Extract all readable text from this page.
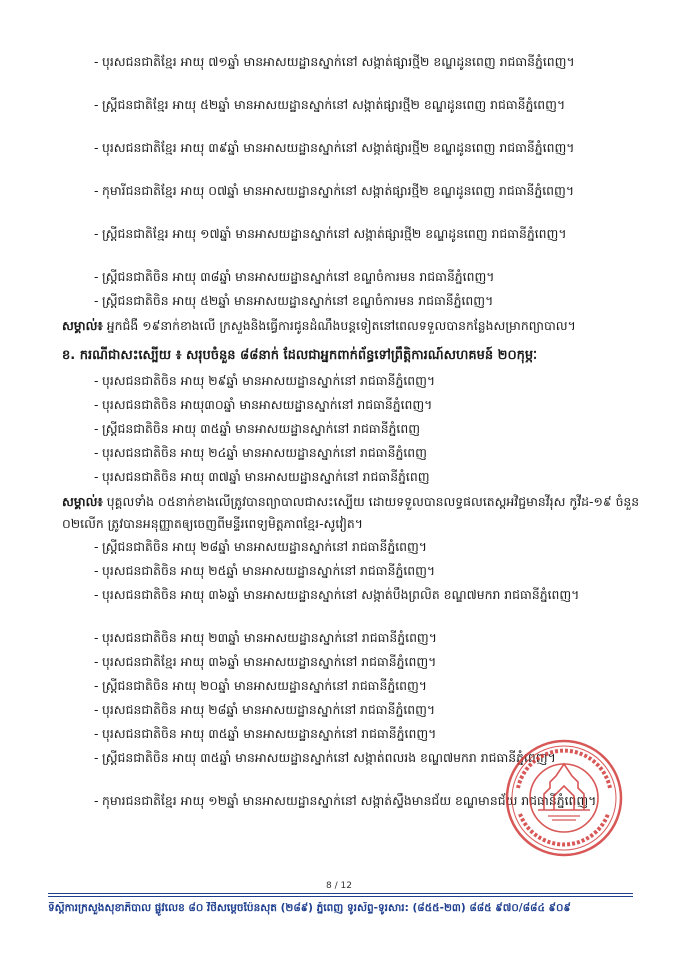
- បុរសជនជាតិខ្មែរ អាយុ ៧១ឆ្នាំ មានអាសយដ្ឋានស្នាក់នៅ សង្កាត់ផ្សារថ្មី២ ខណ្ឌដូនពេញ រាជធានីភ្នំពេញ។
- ស្ត្រីជនជាតិខ្មែរ អាយុ ៥២ឆ្នាំ មានអាសយដ្ឋានស្នាក់នៅ សង្កាត់ផ្សារថ្មី២ ខណ្ឌដូនពេញ រាជធានីភ្នំពេញ។
- បុរសជនជាតិខ្មែរ អាយុ ៣៩ឆ្នាំ មានអាសយដ្ឋានស្នាក់នៅ សង្កាត់ផ្សារថ្មី២ ខណ្ឌដូនពេញ រាជធានីភ្នំពេញ។
- កុមារីជនជាតិខ្មែរ អាយុ ០៧ឆ្នាំ មានអាសយដ្ឋានស្នាក់នៅ សង្កាត់ផ្សារថ្មី២ ខណ្ឌដូនពេញ រាជធានីភ្នំពេញ។
- ស្ត្រីជនជាតិខ្មែរ អាយុ ១៧ឆ្នាំ មានអាសយដ្ឋានស្នាក់នៅ សង្កាត់ផ្សារថ្មី២ ខណ្ឌដូនពេញ រាជធានីភ្នំពេញ។
- ស្ត្រីជនជាតិចិន អាយុ ៣៨ឆ្នាំ មានអាសយដ្ឋានស្នាក់នៅ ខណ្ឌចំការមន រាជធានីភ្នំពេញ។
- ស្ត្រីជនជាតិចិន អាយុ ៥២ឆ្នាំ មានអាសយដ្ឋានស្នាក់នៅ ខណ្ឌចំការមន រាជធានីភ្នំពេញ។
សម្គាល់៖ អ្នកជំងឺ ១៩នាក់ខាងលើ ក្រសួងនិងធ្វើការជូនដំណឹងបន្តទៀតនៅពេលទទួលបានកន្លែងសម្រាកព្យាបាល។
ខ. ករណីជាសះស្បើយ ៖ សរុបចំនួន ៨៨នាក់ ដែលជាអ្នកពាក់ព័ន្ធទៅព្រឹត្តិការណ៍សហគមន៍ ២០កុម្ភៈ
- បុរសជនជាតិចិន អាយុ ២៩ឆ្នាំ មានអាសយដ្ឋានស្នាក់នៅ រាជធានីភ្នំពេញ។
- បុរសជនជាតិចិន អាយុ៣០ឆ្នាំ មានអាសយដ្ឋានស្នាក់នៅ រាជធានីភ្នំពេញ។
- ស្ត្រីជនជាតិចិន អាយុ ៣៥ឆ្នាំ មានអាសយដ្ឋានស្នាក់នៅ រាជធានីភ្នំពេញ
- បុរសជនជាតិចិន អាយុ ២៤ឆ្នាំ មានអាសយដ្ឋានស្នាក់នៅ រាជធានីភ្នំពេញ
- បុរសជនជាតិចិន អាយុ ៣៧ឆ្នាំ មានអាសយដ្ឋានស្នាក់នៅ រាជធានីភ្នំពេញ
សម្គាល់៖ បុគ្គលទាំង ០៥នាក់ខាងលើត្រូវបានព្យាបាលជាសះស្បើយ ដោយទទួលបានលទ្ធផលតេស្តអវិជ្ជមានវីរុស កូវីដ-១៩ ចំនួន ០២លើក ត្រូវបានអនុញ្ញាតឲ្យចេញពីមន្ទីរពេទ្យមិត្តភាពខ្មែរ-សូវៀត។
- ស្ត្រីជនជាតិចិន អាយុ ២៨ឆ្នាំ មានអាសយដ្ឋានស្នាក់នៅ រាជធានីភ្នំពេញ។
- បុរសជនជាតិចិន អាយុ ២៥ឆ្នាំ មានអាសយដ្ឋានស្នាក់នៅ រាជធានីភ្នំពេញ។
- បុរសជនជាតិចិន អាយុ ៣៦ឆ្នាំ មានអាសយដ្ឋានស្នាក់នៅ សង្កាត់បឹងព្រលិត ខណ្ឌ៧មករា រាជធានីភ្នំពេញ។
- បុរសជនជាតិចិន អាយុ ២៣ឆ្នាំ មានអាសយដ្ឋានស្នាក់នៅ រាជធានីភ្នំពេញ។
- បុរសជនជាតិខ្មែរ អាយុ ៣៦ឆ្នាំ មានអាសយដ្ឋានស្នាក់នៅ រាជធានីភ្នំពេញ។
- ស្ត្រីជនជាតិចិន អាយុ ២០ឆ្នាំ មានអាសយដ្ឋានស្នាក់នៅ រាជធានីភ្នំពេញ។
- បុរសជនជាតិចិន អាយុ ២៨ឆ្នាំ មានអាសយដ្ឋានស្នាក់នៅ រាជធានីភ្នំពេញ។
- បុរសជនជាតិចិន អាយុ ៣៥ឆ្នាំ មានអាសយដ្ឋានស្នាក់នៅ រាជធានីភ្នំពេញ។
- ស្ត្រីជនជាតិចិន អាយុ ៣៥ឆ្នាំ មានអាសយដ្ឋានស្នាក់នៅ សង្កាត់ពលរង ខណ្ឌ៧មករា រាជធានីភ្នំពេញ។
- កុមារជនជាតិខ្មែរ អាយុ ១២ឆ្នាំ មានអាសយដ្ឋានស្នាក់នៅ សង្កាត់ស្ទឹងមានជ័យ ខណ្ឌមានជ័យ រាជធានីភ្នំពេញ។
8 / 12
ទីស្តីការក្រសួងសុខាភិបាល ផ្លូវលេខ ៨០ វិថីសម្តេចប៉ែនសុត (២៨៩) ភ្នំពេញ ទូរស័ព្ទ-ទូរសារ: (៨៥៥-២៣) ៨៨៥ ៩៧០/៨៨៤ ៩០៩
